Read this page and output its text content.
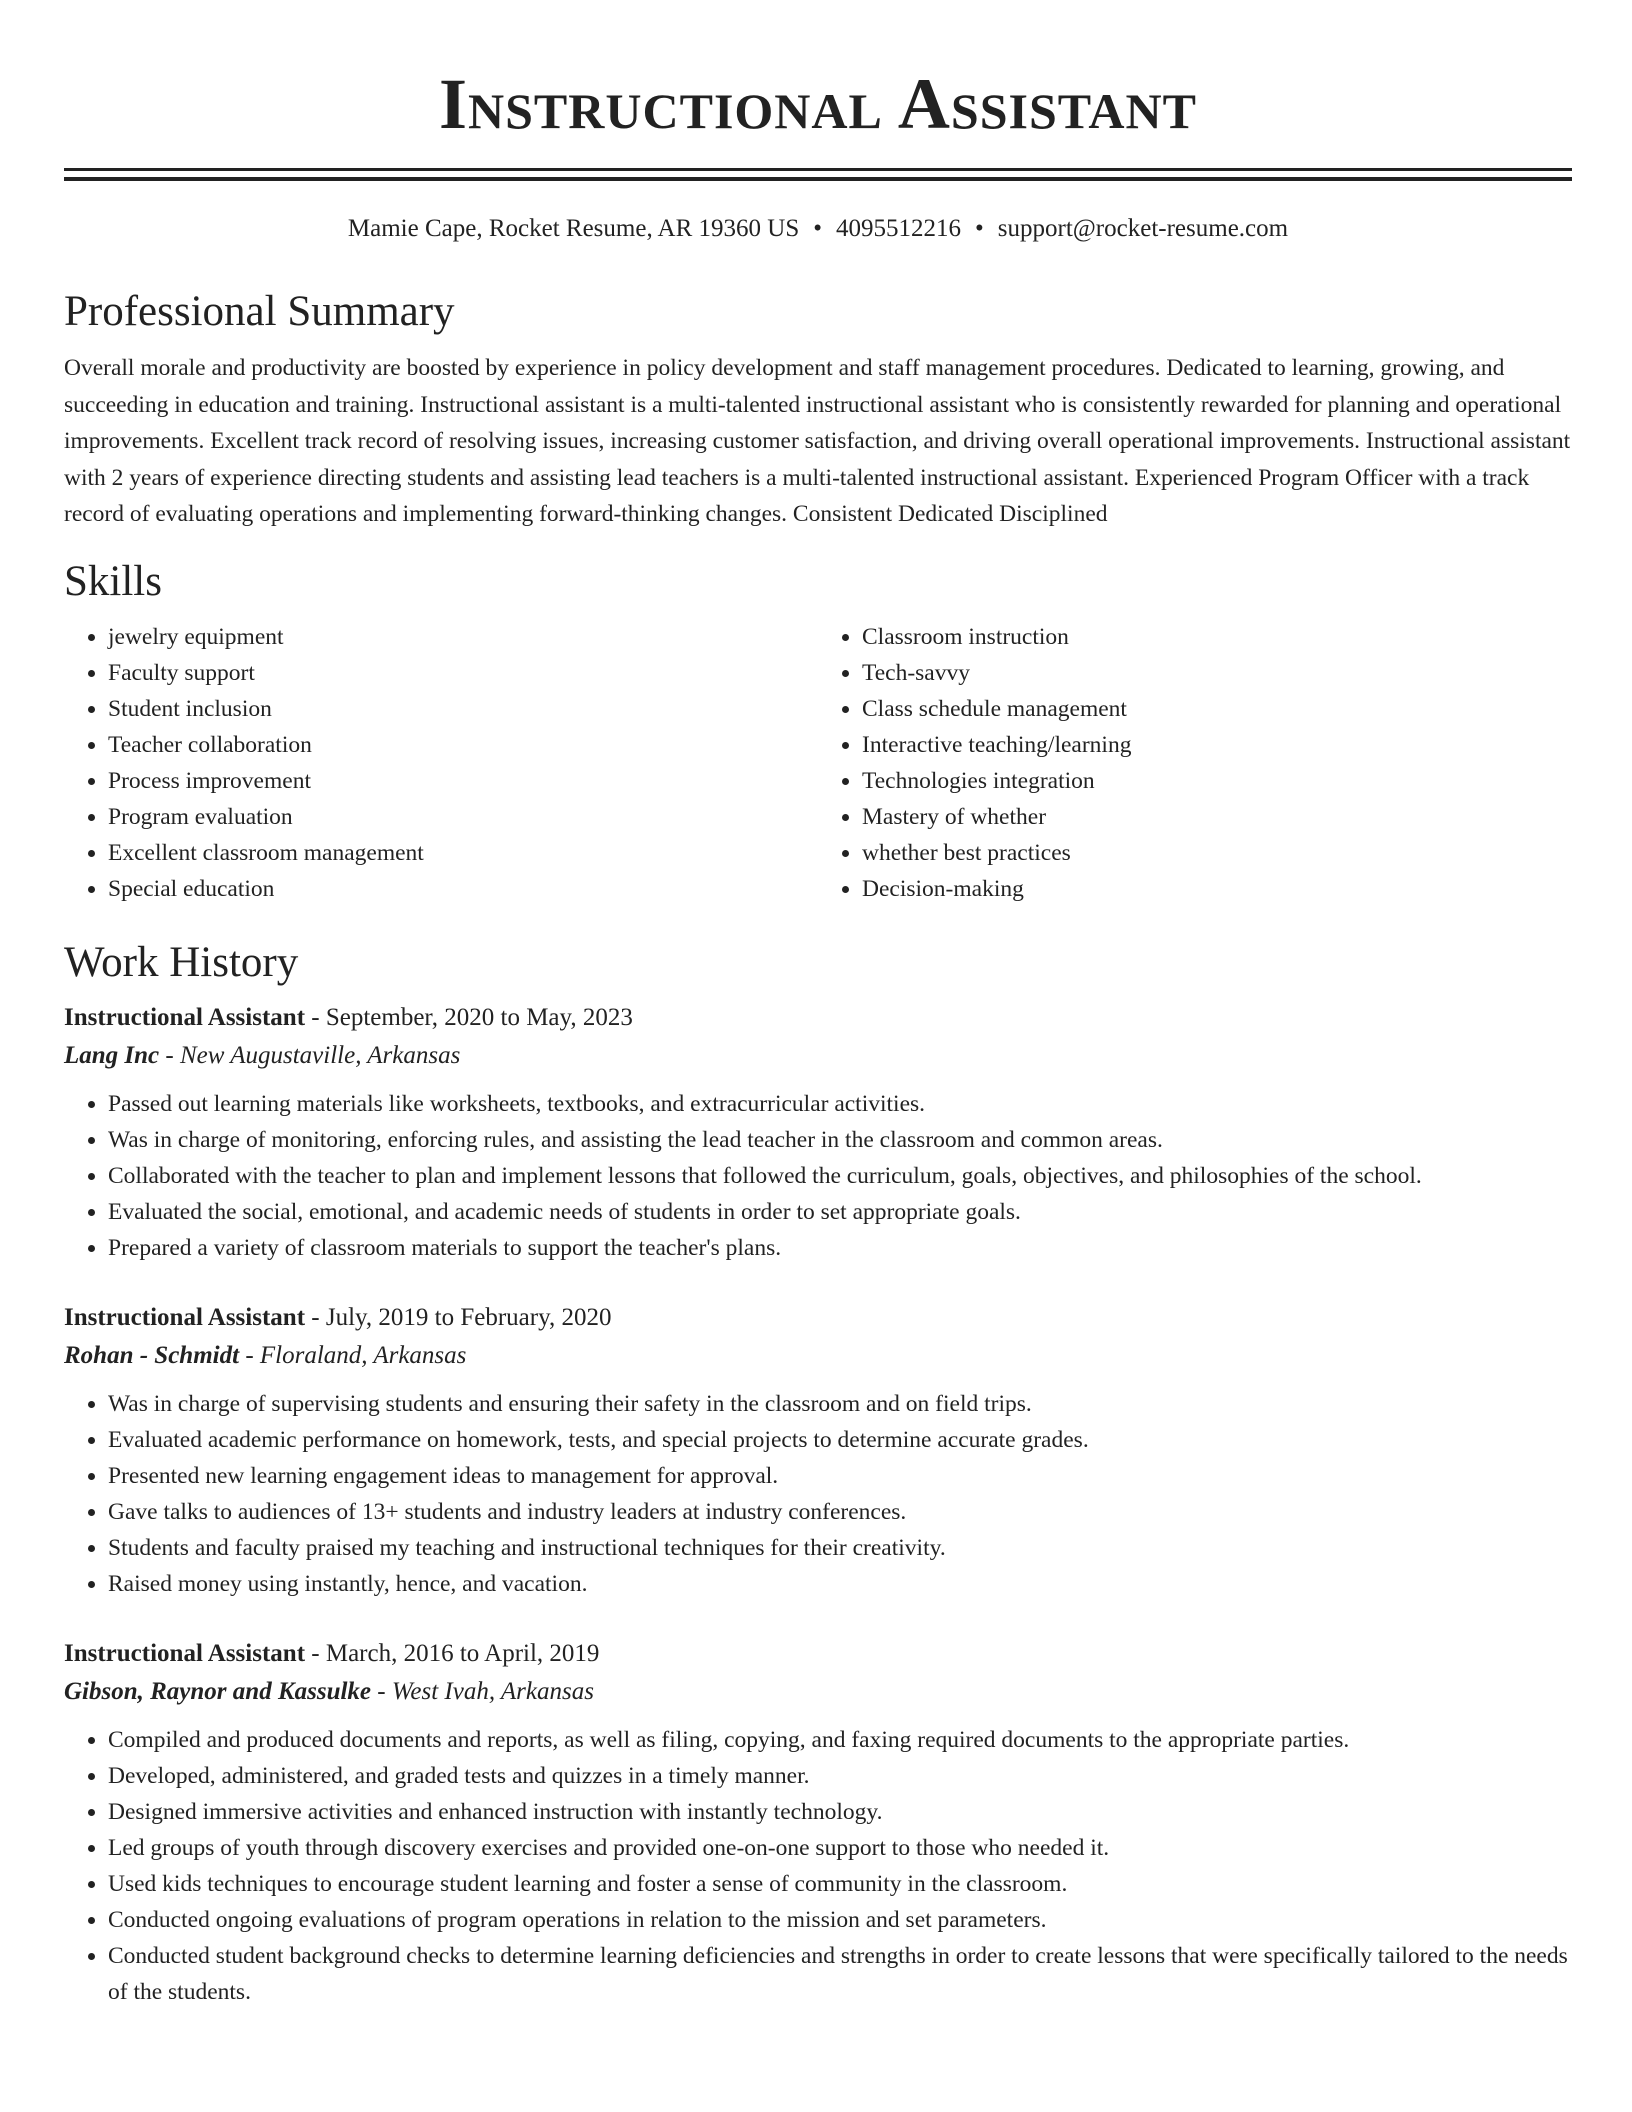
Instructional Assistant
Mamie Cape, Rocket Resume, AR 19360 US • 4095512216 • support@rocket-resume.com
Professional Summary

Overall morale and productivity are boosted by experience in policy development and staff management procedures. Dedicated to learning, growing, and succeeding in education and training. Instructional assistant is a multi-talented instructional assistant who is consistently rewarded for planning and operational improvements. Excellent track record of resolving issues, increasing customer satisfaction, and driving overall operational improvements. Instructional assistant with 2 years of experience directing students and assisting lead teachers is a multi-talented instructional assistant. Experienced Program Officer with a track record of evaluating operations and implementing forward-thinking changes. Consistent Dedicated Disciplined

Skills
• jewelry equipment
• Faculty support
• Student inclusion
• Teacher collaboration
• Process improvement
• Program evaluation
• Excellent classroom management
• Special education
• Classroom instruction
• Tech-savvy
• Class schedule management
• Interactive teaching/learning
• Technologies integration
• Mastery of whether
• whether best practices
• Decision-making
Work History
Instructional Assistant - September, 2020 to May, 2023
Lang Inc - New Augustaville, Arkansas
• Passed out learning materials like worksheets, textbooks, and extracurricular activities.
• Was in charge of monitoring, enforcing rules, and assisting the lead teacher in the classroom and common areas.
• Collaborated with the teacher to plan and implement lessons that followed the curriculum, goals, objectives, and philosophies of the school.
• Evaluated the social, emotional, and academic needs of students in order to set appropriate goals.
• Prepared a variety of classroom materials to support the teacher's plans.
Instructional Assistant - July, 2019 to February, 2020
Rohan - Schmidt - Floraland, Arkansas
• Was in charge of supervising students and ensuring their safety in the classroom and on field trips.
• Evaluated academic performance on homework, tests, and special projects to determine accurate grades.
• Presented new learning engagement ideas to management for approval.
• Gave talks to audiences of 13+ students and industry leaders at industry conferences.
• Students and faculty praised my teaching and instructional techniques for their creativity.
• Raised money using instantly, hence, and vacation.
Instructional Assistant - March, 2016 to April, 2019
Gibson, Raynor and Kassulke - West Ivah, Arkansas
• Compiled and produced documents and reports, as well as filing, copying, and faxing required documents to the appropriate parties.
• Developed, administered, and graded tests and quizzes in a timely manner.
• Designed immersive activities and enhanced instruction with instantly technology.
• Led groups of youth through discovery exercises and provided one-on-one support to those who needed it.
• Used kids techniques to encourage student learning and foster a sense of community in the classroom.
• Conducted ongoing evaluations of program operations in relation to the mission and set parameters.
• Conducted student background checks to determine learning deficiencies and strengths in order to create lessons that were specifically tailored to the needs of the students.
